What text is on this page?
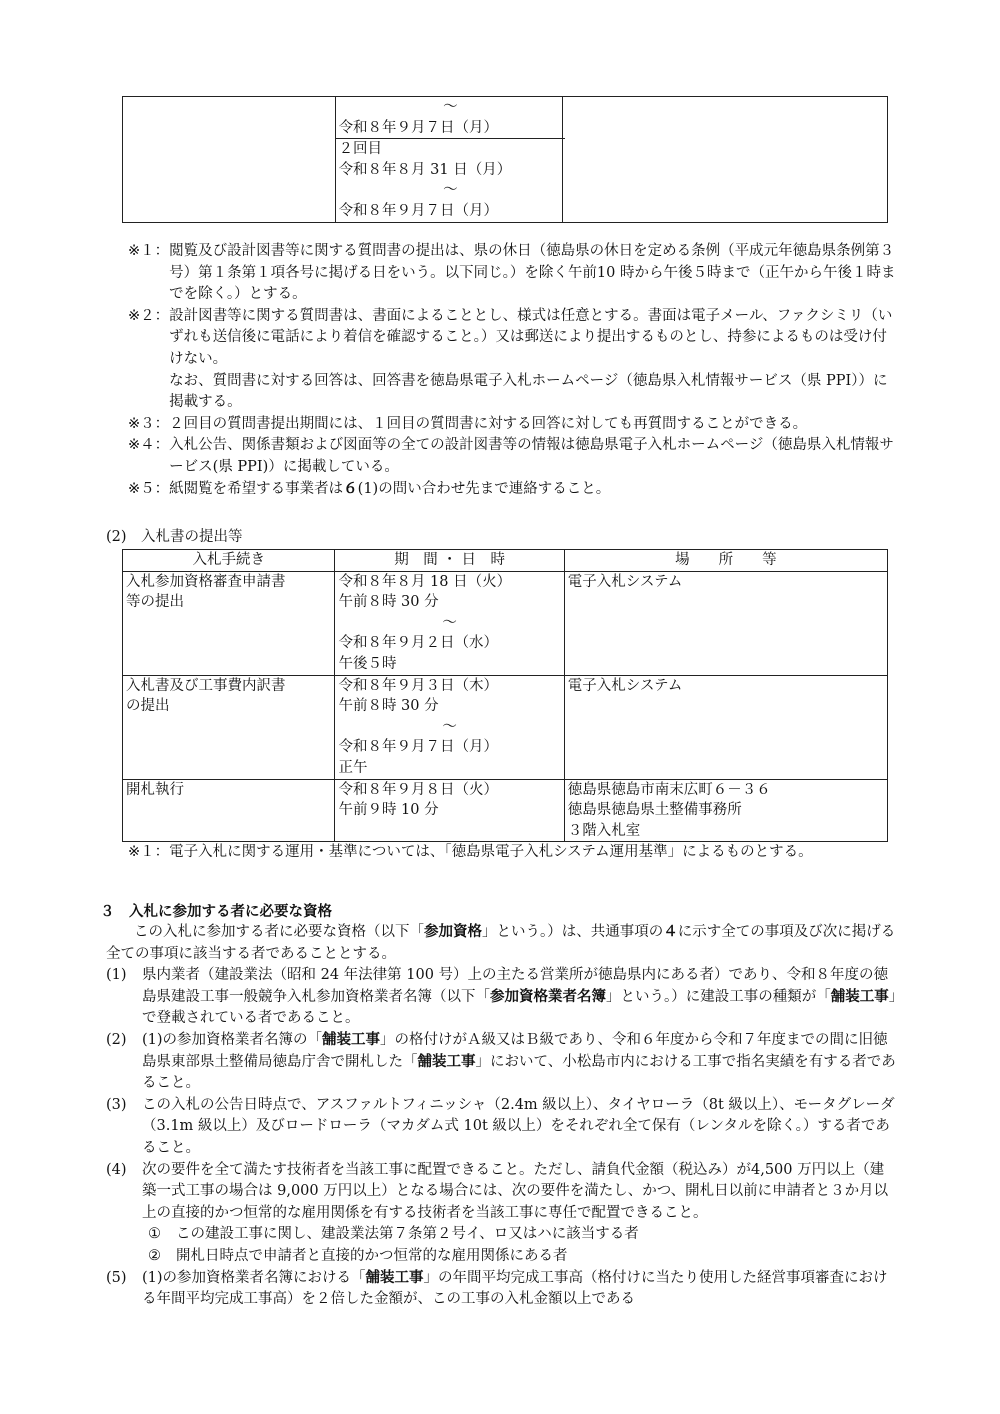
〜
令和８年９月７日（月）
２回目
令和８年８月 31 日（月）
〜
令和８年９月７日（月）

※１： 閲覧及び設計図書等に関する質問書の提出は、県の休日（徳島県の休日を定める条例（平成元年徳島県条例第３号）第１条第１項各号に掲げる日をいう。以下同じ。）を除く午前10 時から午後５時まで（正午から午後１時までを除く。）とする。
※２： 設計図書等に関する質問書は、書面によることとし、様式は任意とする。書面は電子メール、ファクシミリ（いずれも送信後に電話により着信を確認すること。）又は郵送により提出するものとし、持参によるものは受け付けない。
なお、質問書に対する回答は、回答書を徳島県電子入札ホームページ（徳島県入札情報サービス（県 PPI））に掲載する。
※３： ２回目の質問書提出期間には、１回目の質問書に対する回答に対しても再質問することができる。
※４： 入札公告、関係書類および図面等の全ての設計図書等の情報は徳島県電子入札ホームページ（徳島県入札情報サービス(県 PPI)）に掲載している。
※５： 紙閲覧を希望する事業者は６(1)の問い合わせ先まで連絡すること。
(2)　入札書の提出等
入札手続き	期　間 ・ 日　時	場　　所　　等

入札参加資格審査申請書
等の提出	令和８年８月 18 日（火）
午前８時 30 分
〜
令和８年９月２日（水）
午後５時	電子入札システム

入札書及び工事費内訳書
の提出	令和８年９月３日（木）
午前８時 30 分
〜
令和８年９月７日（月）
正午	電子入札システム

開札執行	令和８年９月８日（火）
午前９時 10 分	徳島県徳島市南末広町６－３６
徳島県徳島県土整備事務所
３階入札室
※１： 電子入札に関する運用・基準については、「徳島県電子入札システム運用基準」によるものとする。
３　入札に参加する者に必要な資格
この入札に参加する者に必要な資格（以下「参加資格」という。）は、共通事項の４に示す全ての事項及び次に掲げる全ての事項に該当する者であることとする。
(1)	県内業者（建設業法（昭和 24 年法律第 100 号）上の主たる営業所が徳島県内にある者）であり、令和８年度の徳島県建設工事一般競争入札参加資格業者名簿（以下「参加資格業者名簿」という。）に建設工事の種類が「舗装工事」で登載されている者であること。
(2)	(1)の参加資格業者名簿の「舗装工事」の格付けがＡ級又はＢ級であり、令和６年度から令和７年度までの間に旧徳島県東部県土整備局徳島庁舎で開札した「舗装工事」において、小松島市内における工事で指名実績を有する者であること。
(3)	この入札の公告日時点で、アスファルトフィニッシャ（2.4m 級以上）、タイヤローラ（8t 級以上）、モータグレーダ（3.1m 級以上）及びロードローラ（マカダム式 10t 級以上）をそれぞれ全て保有（レンタルを除く。）する者であること。
(4)	次の要件を全て満たす技術者を当該工事に配置できること。ただし、請負代金額（税込み）が4,500 万円以上（建築一式工事の場合は 9,000 万円以上）となる場合には、次の要件を満たし、かつ、開札日以前に申請者と３か月以上の直接的かつ恒常的な雇用関係を有する技術者を当該工事に専任で配置できること。
①	この建設工事に関し、建設業法第７条第２号イ、ロ又はハに該当する者
②	開札日時点で申請者と直接的かつ恒常的な雇用関係にある者
(5)	(1)の参加資格業者名簿における「舗装工事」の年間平均完成工事高（格付けに当たり使用した経営事項審査における年間平均完成工事高）を２倍した金額が、この工事の入札金額以上である
